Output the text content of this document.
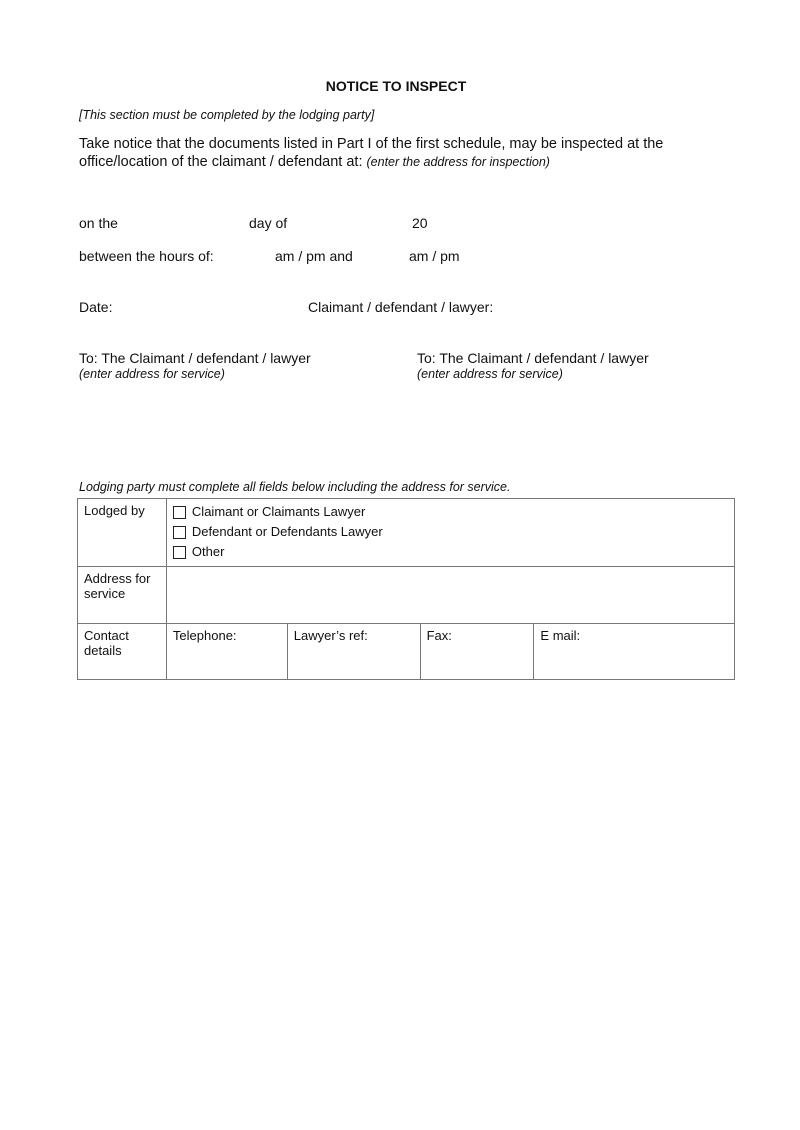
NOTICE TO INSPECT
[This section must be completed by the lodging party]
Take notice that the documents listed in Part I of the first schedule, may be inspected at the
office/location of the claimant / defendant at: (enter the address for inspection)
on the	day of	20
between the hours of:	am / pm and	am / pm
Date:	Claimant / defendant / lawyer:
To: The Claimant / defendant / lawyer
(enter address for service)
To: The Claimant / defendant / lawyer
(enter address for service)
Lodging party must complete all fields below including the address for service.
Lodged by	Claimant or Claimants Lawyer
Defendant or Defendants Lawyer
Other			

Address for
service				

Contact
details	Telephone:	Lawyer’s ref:	Fax:	E mail:
